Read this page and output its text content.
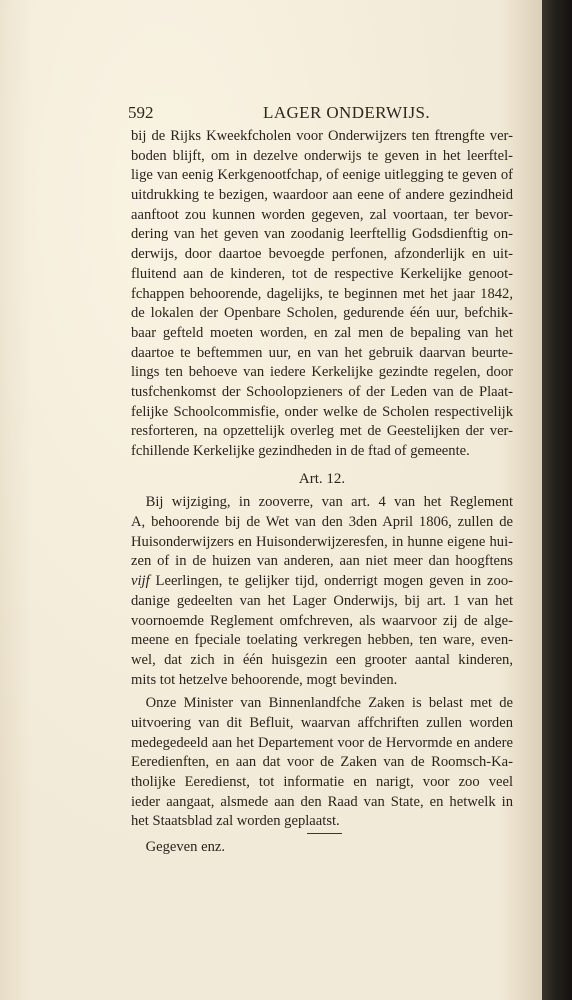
592	LAGER ONDERWIJS.
bij de Rijks Kweekfcholen voor Onderwijzers ten ftrengfte ver-
boden blijft, om in dezelve onderwijs te geven in het leerftel-
lige van eenig Kerkgenootfchap, of eenige uitlegging te geven of
uitdrukking te bezigen, waardoor aan eene of andere gezindheid
aanftoot zou kunnen worden gegeven, zal voortaan, ter bevor-
dering van het geven van zoodanig leerftellig Godsdienftig on-
derwijs, door daartoe bevoegde perfonen, afzonderlijk en uit-
fluitend aan de kinderen, tot de respective Kerkelijke genoot-
fchappen behoorende, dagelijks, te beginnen met het jaar 1842,
de lokalen der Openbare Scholen, gedurende één uur, befchik-
baar gefteld moeten worden, en zal men de bepaling van het
daartoe te beftemmen uur, en van het gebruik daarvan beurte-
lings ten behoeve van iedere Kerkelijke gezindte regelen, door
tusfchenkomst der Schoolopzieners of der Leden van de Plaat-
felijke Schoolcommisfie, onder welke de Scholen respectivelijk
resforteren, na opzettelijk overleg met de Geestelijken der ver-
fchillende Kerkelijke gezindheden in de ftad of gemeente.
Art. 12.
 Bij wijziging, in zooverre, van art. 4 van het Reglement
A, behoorende bij de Wet van den 3den April 1806, zullen de
Huisonderwijzers en Huisonderwijzeresfen, in hunne eigene hui-
zen of in de huizen van anderen, aan niet meer dan hoogftens
vijf Leerlingen, te gelijker tijd, onderrigt mogen geven in zoo-
danige gedeelten van het Lager Onderwijs, bij art. 1 van het
voornoemde Reglement omfchreven, als waarvoor zij de alge-
meene en fpeciale toelating verkregen hebben, ten ware, even-
wel, dat zich in één huisgezin een grooter aantal kinderen,
mits tot hetzelve behoorende, mogt bevinden.
 Onze Minister van Binnenlandfche Zaken is belast met de
uitvoering van dit Befluit, waarvan affchriften zullen worden
medegedeeld aan het Departement voor de Hervormde en andere
Eeredienften, en aan dat voor de Zaken van de Roomsch-Ka-
tholijke Eeredienst, tot informatie en narigt, voor zoo veel
ieder aangaat, alsmede aan den Raad van State, en hetwelk in
het Staatsblad zal worden geplaatst.
 Gegeven enz.
